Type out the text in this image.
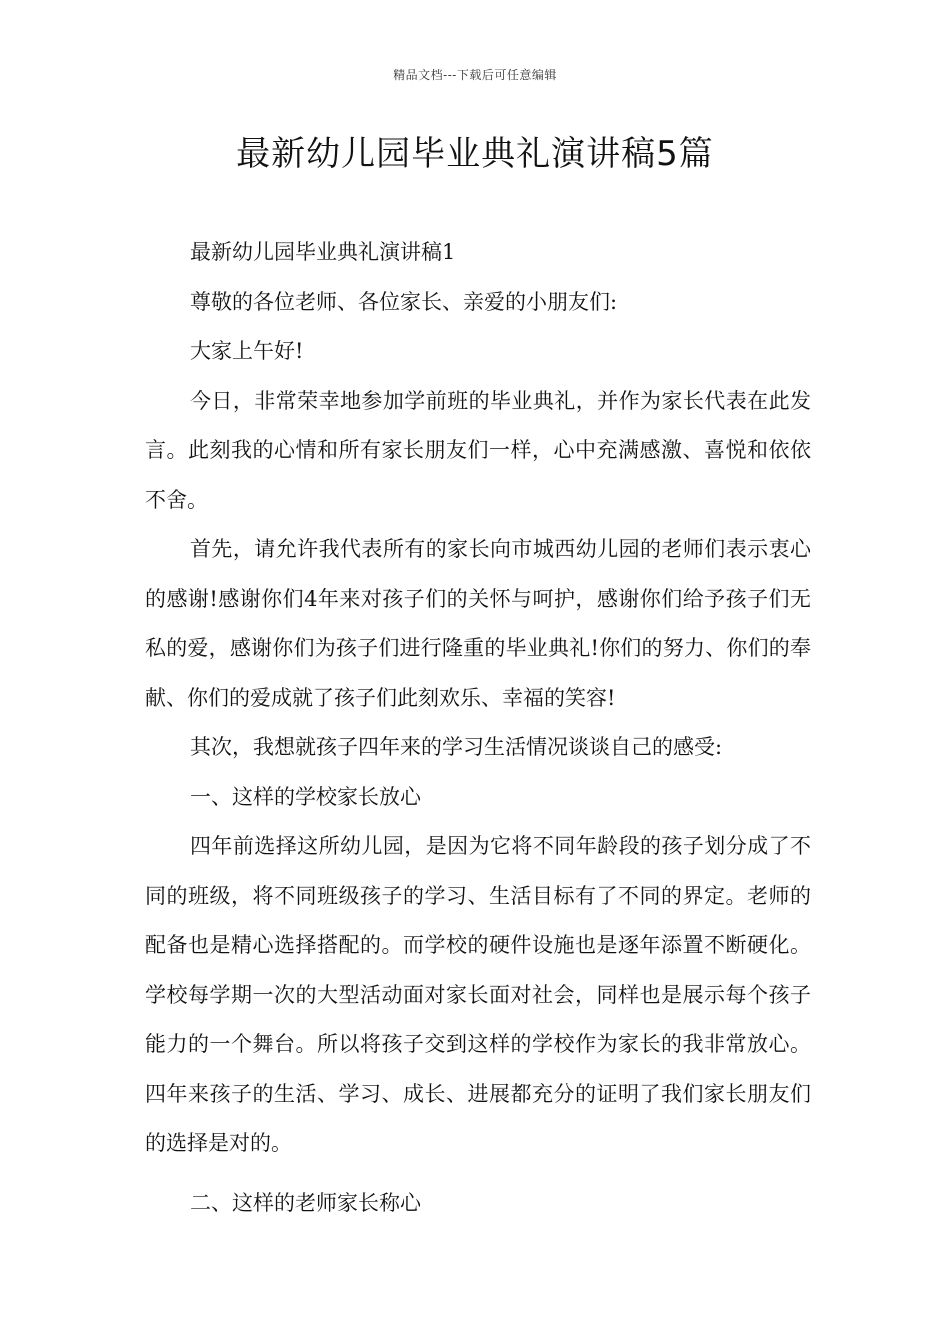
精品文档---下载后可任意编辑
最新幼儿园毕业典礼演讲稿5篇

最新幼儿园毕业典礼演讲稿1

尊敬的各位老师、各位家长、亲爱的小朋友们:

大家上午好!

今日，非常荣幸地参加学前班的毕业典礼，并作为家长代表在此发言。此刻我的心情和所有家长朋友们一样，心中充满感激、喜悦和依依不舍。

首先，请允许我代表所有的家长向市城西幼儿园的老师们表示衷心的感谢!感谢你们4年来对孩子们的关怀与呵护，感谢你们给予孩子们无私的爱，感谢你们为孩子们进行隆重的毕业典礼!你们的努力、你们的奉献、你们的爱成就了孩子们此刻欢乐、幸福的笑容!

其次，我想就孩子四年来的学习生活情况谈谈自己的感受:

一、这样的学校家长放心

四年前选择这所幼儿园，是因为它将不同年龄段的孩子划分成了不同的班级，将不同班级孩子的学习、生活目标有了不同的界定。老师的配备也是精心选择搭配的。而学校的硬件设施也是逐年添置不断硬化。学校每学期一次的大型活动面对家长面对社会，同样也是展示每个孩子能力的一个舞台。所以将孩子交到这样的学校作为家长的我非常放心。四年来孩子的生活、学习、成长、进展都充分的证明了我们家长朋友们的选择是对的。

二、这样的老师家长称心
